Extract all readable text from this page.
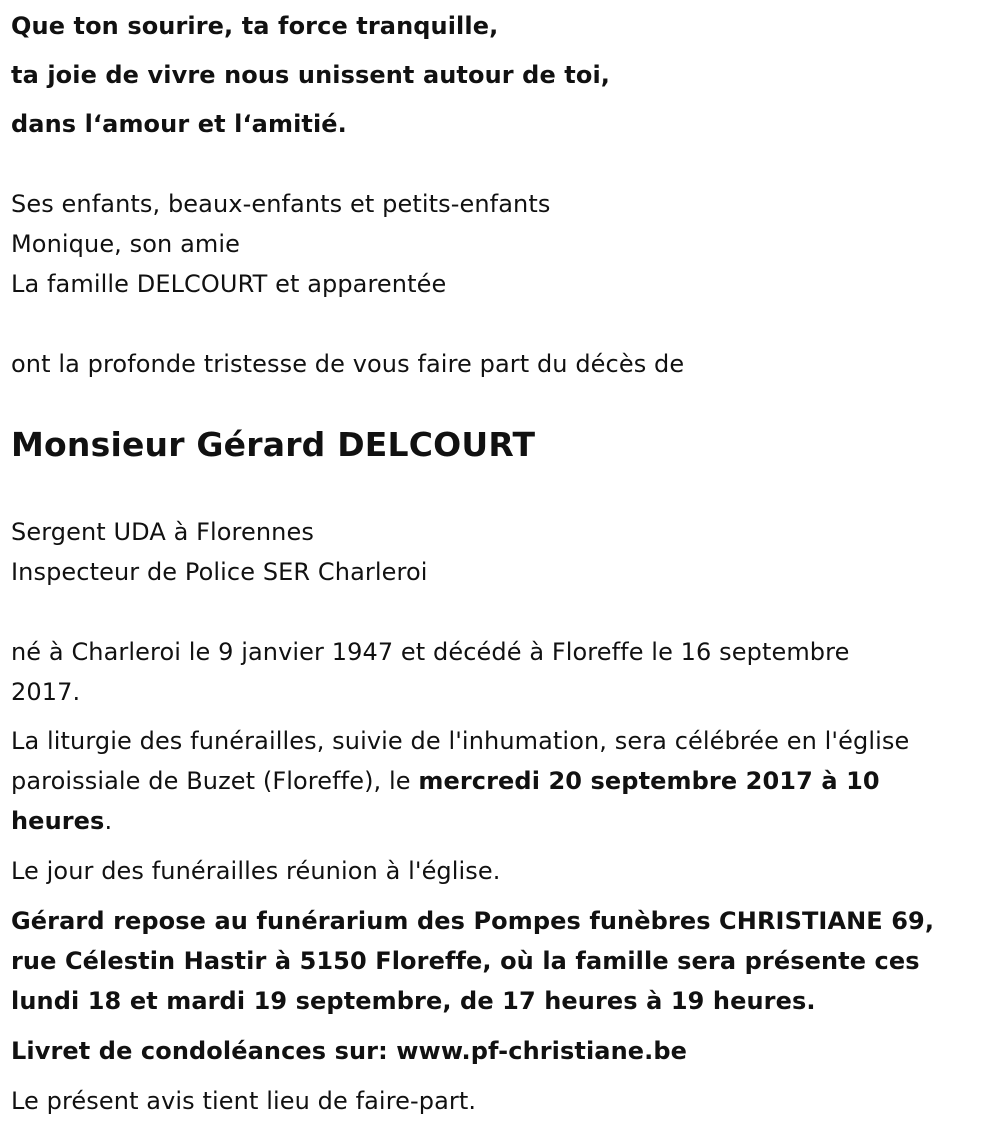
Que ton sourire, ta force tranquille,

ta joie de vivre nous unissent autour de toi,

dans l‘amour et l‘amitié.

Ses enfants, beaux-enfants et petits-enfants

Monique, son amie

La famille DELCOURT et apparentée

ont la profonde tristesse de vous faire part du décès de

Monsieur Gérard DELCOURT

Sergent UDA à Florennes

Inspecteur de Police SER Charleroi

né à Charleroi le 9 janvier 1947 et décédé à Floreffe le 16 septembre

2017.

La liturgie des funérailles, suivie de l'inhumation, sera célébrée en l'église

paroissiale de Buzet (Floreffe), le mercredi 20 septembre 2017 à 10

heures.

Le jour des funérailles réunion à l'église.

Gérard repose au funérarium des Pompes funèbres CHRISTIANE 69,

rue Célestin Hastir à 5150 Floreffe, où la famille sera présente ces

lundi 18 et mardi 19 septembre, de 17 heures à 19 heures.

Livret de condoléances sur: www.pf-christiane.be

Le présent avis tient lieu de faire-part.
